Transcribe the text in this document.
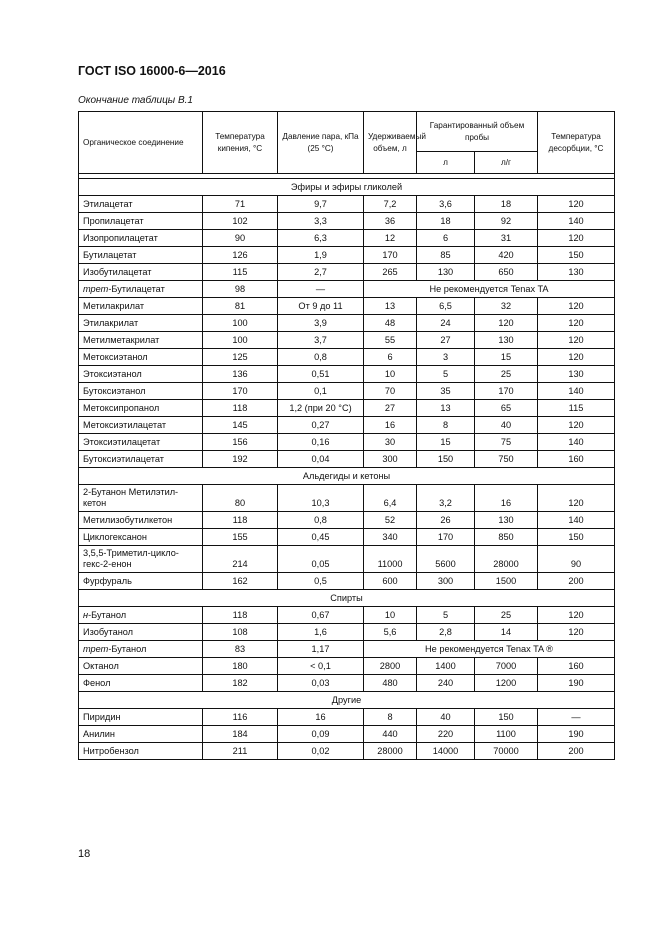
ГОСТ ISO 16000-6—2016
Окончание таблицы В.1
Органическое соединение	Температура кипения, °С	Давление пара, кПа (25 °С)	Удерживаемый объем, л	Гарантированный объем пробы		Температура десорбции, °С
				л	л/г	

Эфиры и эфиры гликолей						
Этилацетат	71	9,7	7,2	3,6	18	120
Пропилацетат	102	3,3	36	18	92	140
Изопропилацетат	90	6,3	12	6	31	120
Бутилацетат	126	1,9	170	85	420	150
Изобутилацетат	115	2,7	265	130	650	130
трет-Бутилацетат	98	—	Не рекомендуется Tenax TA			
Метилакрилат	81	От 9 до 11	13	6,5	32	120
Этилакрилат	100	3,9	48	24	120	120
Метилметакрилат	100	3,7	55	27	130	120
Метоксиэтанол	125	0,8	6	3	15	120
Этоксиэтанол	136	0,51	10	5	25	130
Бутоксиэтанол	170	0,1	70	35	170	140
Метоксипропанол	118	1,2 (при 20 °С)	27	13	65	115
Метоксиэтилацетат	145	0,27	16	8	40	120
Этоксиэтилацетат	156	0,16	30	15	75	140
Бутоксиэтилацетат	192	0,04	300	150	750	160
Альдегиды и кетоны						
2-Бутанон Метилэтил-кетон	80	10,3	6,4	3,2	16	120
Метилизобутилкетон	118	0,8	52	26	130	140
Циклогексанон	155	0,45	340	170	850	150
3,5,5-Триметил-цикло-гекс-2-енон	214	0,05	11000	5600	28000	90
Фурфураль	162	0,5	600	300	1500	200
Спирты						
н-Бутанол	118	0,67	10	5	25	120
Изобутанол	108	1,6	5,6	2,8	14	120
трет-Бутанол	83	1,17	Не рекомендуется Tenax TA ®			
Октанол	180	< 0,1	2800	1400	7000	160
Фенол	182	0,03	480	240	1200	190
Другие						
Пиридин	116	16	8	40	150	—
Анилин	184	0,09	440	220	1100	190
Нитробензол	211	0,02	28000	14000	70000	200
18
